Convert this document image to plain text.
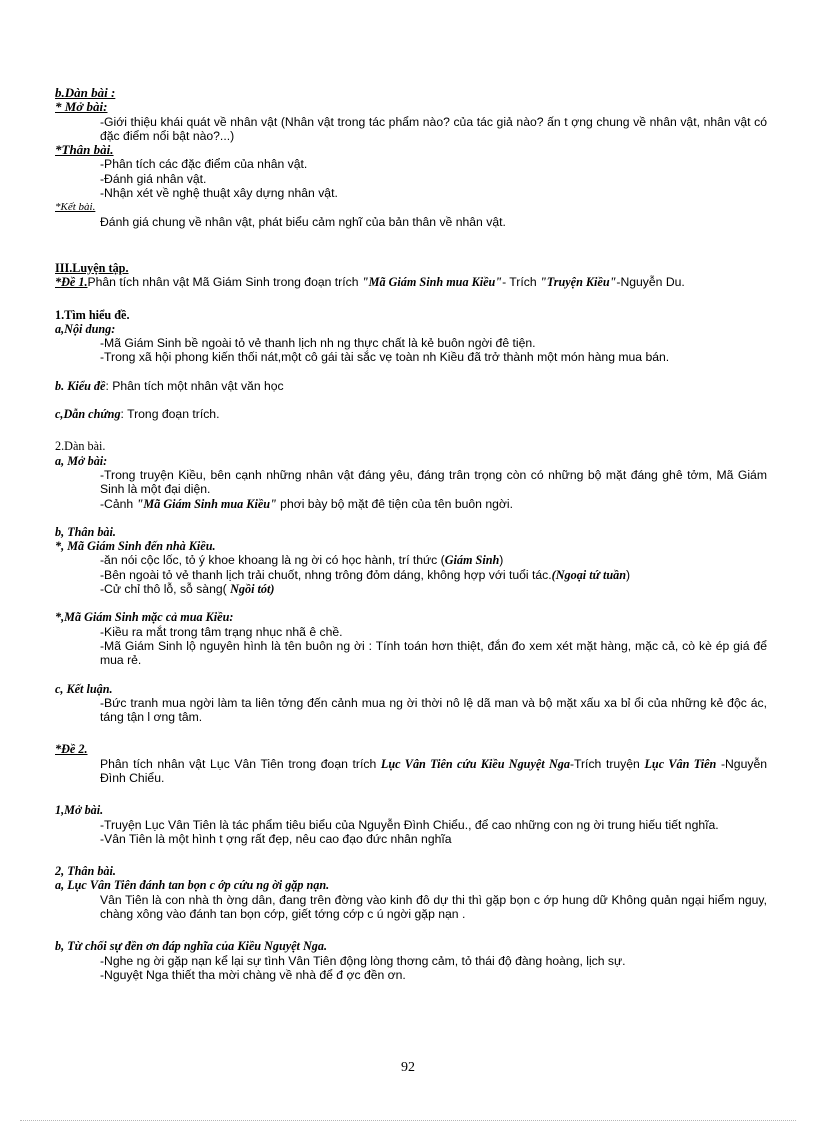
b.Dàn bài :

* Mở bài:

-Giới thiệu khái quát về nhân vật (Nhân vật trong tác phẩm nào? của tác giả nào? ấn t ợng chung về nhân vật, nhân vật có đặc điểm nổi bật nào?...)

*Thân bài.

-Phân tích các đặc điểm của nhân vật.

-Đánh giá nhân vật.

-Nhận xét về nghệ thuật xây dựng nhân vật.

*Kết bài.

Đánh giá chung về nhân vật, phát biểu cảm nghĩ của bản thân về nhân vật.

III.Luyện tập.

*Đề 1.Phân tích nhân vật Mã Giám Sinh trong đoạn trích "Mã Giám Sinh mua Kiều"- Trích "Truyện Kiều"-Nguyễn Du.

1.Tìm hiểu đề.

a,Nội dung:

-Mã Giám Sinh bề ngoài tỏ vẻ thanh lịch nh ng thực chất là kẻ buôn ngời đê tiện.

-Trong xã hội phong kiến thối nát,một cô gái tài sắc vẹ toàn nh Kiều đã trở thành một món hàng mua bán.

b. Kiểu đề: Phân tích một nhân vật văn học

c,Dẫn chứng: Trong đoạn trích.

2.Dàn bài.

a, Mở bài:

-Trong truyện Kiều, bên cạnh những nhân vật đáng yêu, đáng trân trọng còn có những bộ mặt đáng ghê tởm, Mã Giám Sinh là một đại diện.

-Cảnh "Mã Giám Sinh mua Kiều" phơi bày bộ mặt đê tiện của tên buôn ngời.

b, Thân bài.

*, Mã Giám Sinh đến nhà Kiều.

-ăn nói cộc lốc, tỏ ý khoe khoang là ng ời có học hành, trí thức (Giám Sinh)

-Bên ngoài tỏ vẻ thanh lịch trải chuốt, nhng trông đỏm dáng, không hợp với tuổi tác.(Ngoại tứ tuần)

-Cử chỉ thô lỗ, sỗ sàng( Ngồi tót)

*,Mã Giám Sinh mặc cả mua Kiều:

-Kiều ra mắt trong tâm trạng nhục nhã ê chề.

-Mã Giám Sinh lộ nguyên hình là tên buôn ng ời : Tính toán hơn thiệt, đắn đo xem xét mặt hàng, mặc cả, cò kè ép giá để mua rẻ.

c, Kết luận.

-Bức tranh mua ngời làm ta liên tởng đến cảnh mua ng ời thời nô lệ dã man và bộ mặt xấu xa bỉ ổi của những kẻ độc ác, táng tận l ơng tâm.

*Đề 2.

Phân tích nhân vật Lục Vân Tiên trong đoạn trích Lục Vân Tiên cứu Kiều Nguyệt Nga-Trích truyện Lục Vân Tiên -Nguyễn Đình Chiểu.

1,Mở bài.

-Truyện Lục Vân Tiên là tác phẩm tiêu biểu của Nguyễn Đình Chiểu., để cao những con ng ời trung hiếu tiết nghĩa.

-Vân Tiên là một hình t ợng rất đẹp, nêu cao đạo đức nhân nghĩa

2, Thân bài.

a, Lục Vân Tiên đánh tan bọn c ớp cứu ng ời gặp nạn.

Vân Tiên là con nhà th ờng dân, đang trên đờng vào kinh đô dự thi thì gặp bọn c ớp hung dữ Không quản ngại hiểm nguy, chàng xông vào đánh tan bọn cớp, giết tớng cớp c ú ngời gặp nạn .

b, Từ chối sự đền ơn đáp nghĩa của Kiều Nguyệt Nga.

-Nghe ng ời gặp nạn kể lại sự tình Vân Tiên động lòng thơng cảm, tỏ thái độ đàng hoàng, lịch sự.

-Nguyệt Nga thiết tha mời chàng về nhà để đ ợc đền ơn.

92
